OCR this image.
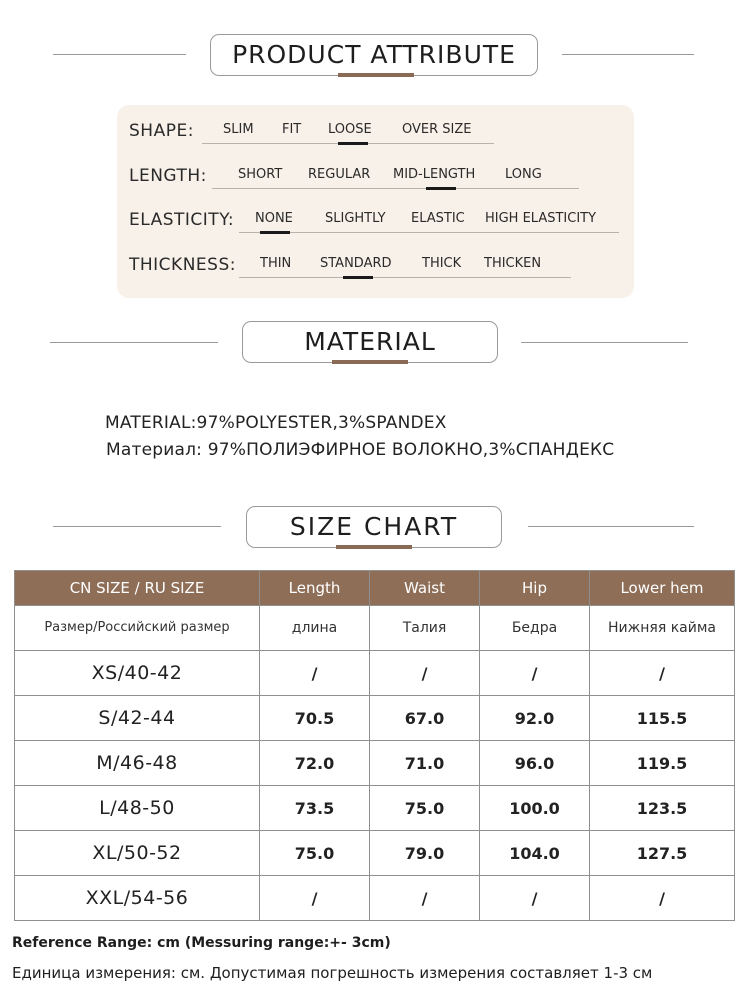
PRODUCT ATTRIBUTE
SHAPE: SLIM FIT LOOSE OVER SIZE
LENGTH: SHORT REGULAR MID-LENGTH LONG
ELASTICITY: NONE SLIGHTLY ELASTIC HIGH ELASTICITY
THICKNESS: THIN STANDARD THICK THICKEN
MATERIAL
MATERIAL:97%POLYESTER,3%SPANDEX
Материал: 97%ПОЛИЭФИРНОЕ ВОЛОКНО,3%СПАНДЕКС
SIZE CHART
CN SIZE / RU SIZE	Length	Waist	Hip	Lower hem
Размер/Российский размер	длина	Талия	Бедра	Нижняя кайма
XS/40-42	/	/	/	/
S/42-44	70.5	67.0	92.0	115.5
M/46-48	72.0	71.0	96.0	119.5
L/48-50	73.5	75.0	100.0	123.5
XL/50-52	75.0	79.0	104.0	127.5
XXL/54-56	/	/	/	/
Reference Range: cm (Messuring range:+- 3cm)
Единица измерения: см. Допустимая погрешность измерения составляет 1-3 см
